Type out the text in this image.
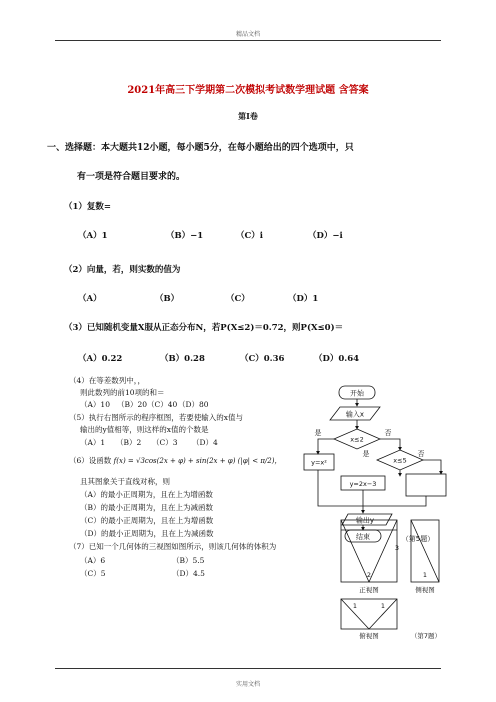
精品文档
2021年高三下学期第二次模拟考试数学理试题 含答案
第Ⅰ卷
一、选择题：本大题共12小题，每小题5分，在每小题给出的四个选项中，只
有一项是符合题目要求的。
（1）复数=
（A）1	（B）−1	（C）i	（D）−i
（2）向量，若，则实数的值为
（A）	（B）	（C）	（D）1
（3）已知随机变量X服从正态分布N，若P(X≤2)＝0.72，则P(X≤0)＝
（A）0.22	（B）0.28	（C）0.36	（D）0.64
（4）在等差数列中，，
则此数列的前10项的和＝
（A）10 （B）20 （C）40 （D）80
（5）执行右图所示的程序框图，若要使输入的x值与
输出的y值相等，则这样的x值的个数是
（A）1 （B）2 （C）3 （D）4
（6）设函数 f(x) = √3cos(2x + φ) + sin(2x + φ) (|φ| < π/2)，
且其图象关于直线对称，则
（A）的最小正周期为，且在上为增函数
（B）的最小正周期为，且在上为减函数
（C）的最小正周期为，且在上为增函数
（D）的最小正周期为，且在上为减函数
（7）已知一个几何体的三视图如图所示，则该几何体的体积为
（A）6	（B）5.5
（C）5	（D）4.5
开始
输入x
x≤2
是	否
y=x²	x≤5
是	否
y=2x−3
输出y
结束	（第5题）
3
2	1
正视图	侧视图
1	1
俯视图	（第7题）
实用文档
